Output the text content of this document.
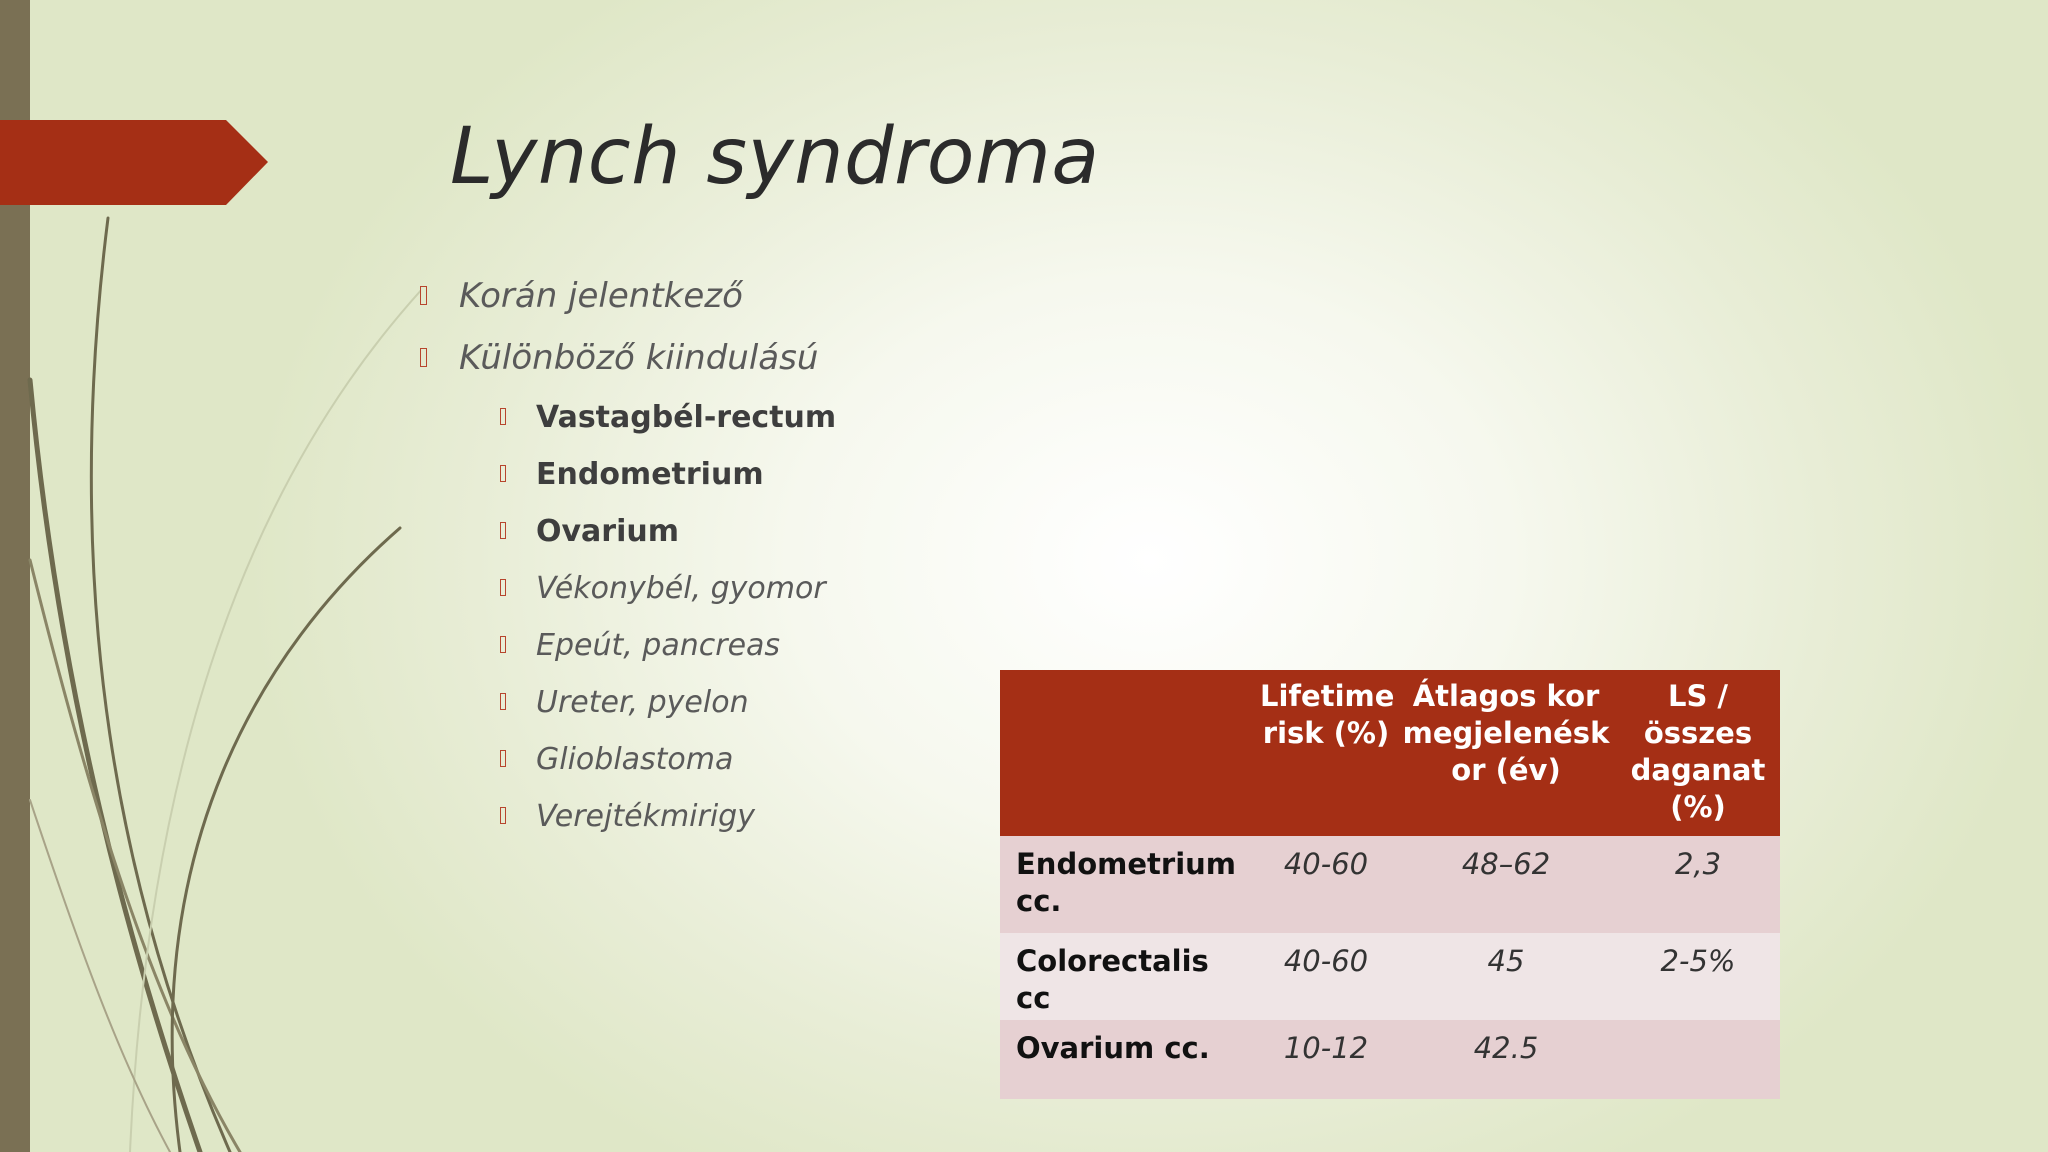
Lynch syndroma
Korán jelentkező
Különböző kiindulású
Vastagbél-rectum
Endometrium
Ovarium
Vékonybél, gyomor
Epeút, pancreas
Ureter, pyelon
Glioblastoma
Verejtékmirigy
	Lifetime risk (%)	Átlagos kor megjelenésk or (év)	LS /összes daganat (%)
Endometrium cc.	40-60	48–62	2,3
Colorectalis cc	40-60	45	2-5%
Ovarium cc.	10-12	42.5	
